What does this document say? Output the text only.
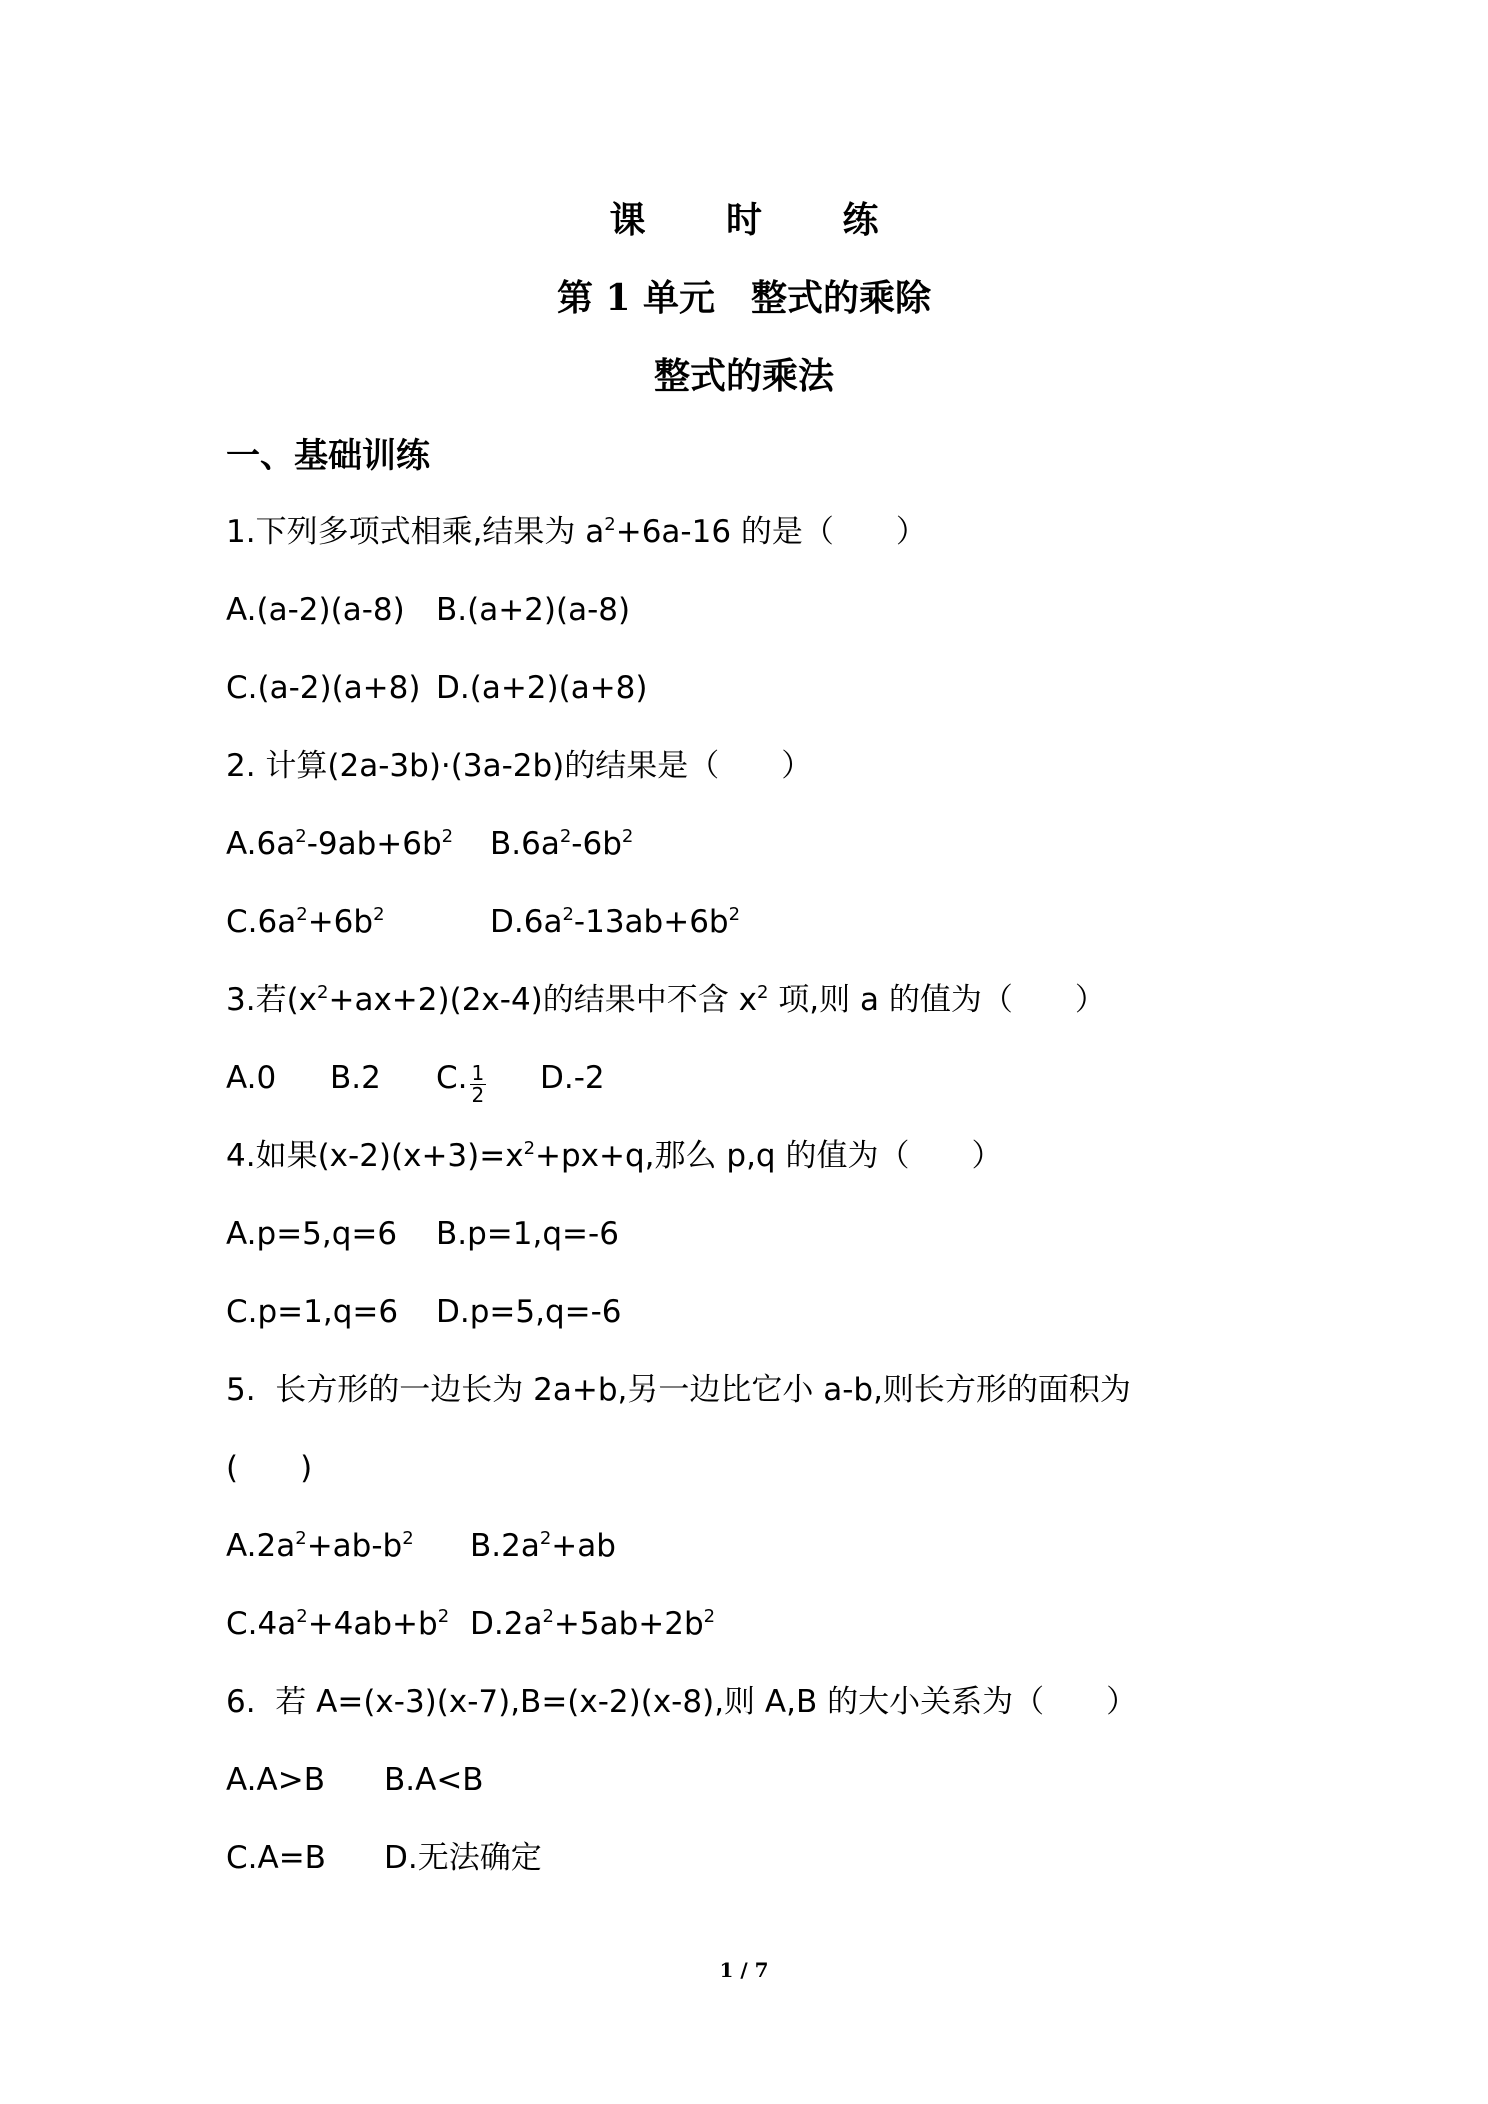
课 时 练
第 1 单元　整式的乘除
整式的乘法
一、基础训练
1.下列多项式相乘,结果为 $a^2+6a-16$ 的是（　　）
A.(a-2)(a-8) B.(a+2)(a-8)
C.(a-2)(a+8) D.(a+2)(a+8)
2. 计算(2a-3b)·(3a-2b)的结果是（　　）
$A.6a^2-9ab+6b^2$ $B.6a^2-6b^2$
$C.6a^2+6b^2$	$D.6a^2-13ab+6b^2$
3.若$(x^2+ax+2)(2x-4)$的结果中不含 $x^2$ 项,则 a 的值为（　　）
A.0 B.2 C. $\frac{1}{2} D.-2$
4.如果$(x-2)(x+3)=x^2+px+q$,那么 p,q 的值为（　　）
A.p=5,q=6 B.p=1,q=-6
C.p=1,q=6 D.p=5,q=-6
5.  长方形的一边长为 2a+b,另一边比它小 a-b,则长方形的面积为
(　　)
$A.2a^2+ab-b^2$ $B.2a^2+ab$
$C.4a^2+4ab+b^2$ $D.2a^2+5ab+2b^2$
6.  若 A=(x-3)(x-7),B=(x-2)(x-8),则 A,B 的大小关系为（　　）
A.A>B B.A<B
C.A=B D.无法确定
1 / 7
